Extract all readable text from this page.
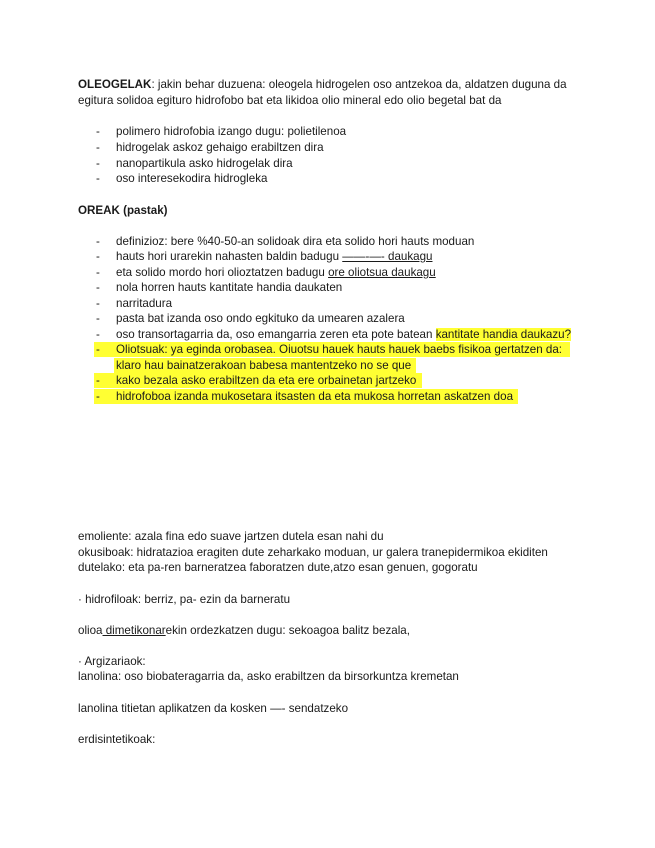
OLEOGELAK: jakin behar duzuena: oleogela hidrogelen oso antzekoa da, aldatzen duguna da
egitura solidoa egituro hidrofobo bat eta likidoa olio mineral edo olio begetal bat da
- polimero hidrofobia izango dugu: polietilenoa
- hidrogelak askoz gehaigo erabiltzen dira
- nanopartikula asko hidrogelak dira
- oso interesekodira hidrogleka
OREAK (pastak)
- definizioz: bere %40-50-an solidoak dira eta solido hori hauts moduan
- hauts hori urarekin nahasten baldin badugu ——-—- daukagu
- eta solido mordo hori olioztatzen badugu ore oliotsua daukagu
- nola horren hauts kantitate handia daukaten
- narritadura
- pasta bat izanda oso ondo egkituko da umearen azalera
- oso transortagarria da, oso emangarria zeren eta pote batean kantitate handia daukazu?
- Oliotsuak: ya eginda orobasea. Oiuotsu hauek hauts hauek baebs fisikoa gertatzen da:
klaro hau bainatzerakoan babesa mantentzeko no se que
- kako bezala asko erabiltzen da eta ere orbainetan jartzeko
- hidrofoboa izanda mukosetara itsasten da eta mukosa horretan askatzen doa
emoliente: azala fina edo suave jartzen dutela esan nahi du
okusiboak: hidratazioa eragiten dute zeharkako moduan, ur galera tranepidermikoa ekiditen
dutelako: eta pa-ren barneratzea faboratzen dute,atzo esan genuen, gogoratu
· hidrofiloak: berriz, pa- ezin da barneratu
olioa dimetikonarekin ordezkatzen dugu: sekoagoa balitz bezala,
· Argizariaok:
lanolina: oso biobateragarria da, asko erabiltzen da birsorkuntza kremetan
lanolina titietan aplikatzen da kosken —- sendatzeko
erdisintetikoak:
